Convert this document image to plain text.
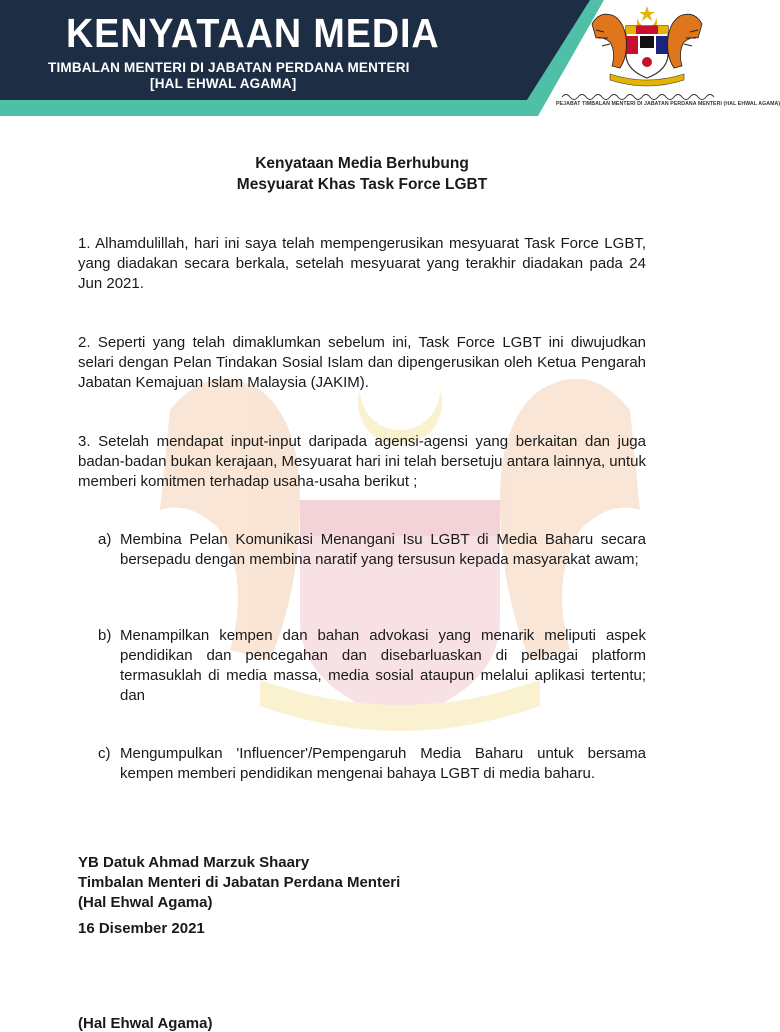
KENYATAAN MEDIA
TIMBALAN MENTERI DI JABATAN PERDANA MENTERI
[HAL EHWAL AGAMA]
PEJABAT TIMBALAN MENTERI DI JABATAN PERDANA MENTERI (HAL EHWAL AGAMA)
Kenyataan Media Berhubung
Mesyuarat Khas Task Force LGBT
1. Alhamdulillah, hari ini saya telah mempengerusikan mesyuarat Task Force LGBT, yang diadakan secara berkala, setelah mesyuarat yang terakhir diadakan pada 24 Jun 2021.
2. Seperti yang telah dimaklumkan sebelum ini, Task Force LGBT ini diwujudkan selari dengan Pelan Tindakan Sosial Islam dan dipengerusikan oleh Ketua Pengarah Jabatan Kemajuan Islam Malaysia (JAKIM).
3. Setelah mendapat input-input daripada agensi-agensi yang berkaitan dan juga badan-badan bukan kerajaan, Mesyuarat hari ini telah bersetuju antara lainnya, untuk memberi komitmen terhadap usaha-usaha berikut ;
a) Membina Pelan Komunikasi Menangani Isu LGBT di Media Baharu secara bersepadu dengan membina naratif yang tersusun kepada masyarakat awam;
b) Menampilkan kempen dan bahan advokasi yang menarik meliputi aspek pendidikan dan pencegahan dan disebarluaskan di pelbagai platform termasuklah di media massa, media sosial ataupun melalui aplikasi tertentu; dan
c) Mengumpulkan 'Influencer'/Pempengaruh Media Baharu untuk bersama kempen memberi pendidikan mengenai bahaya LGBT di media baharu.
YB Datuk Ahmad Marzuk Shaary
Timbalan Menteri di Jabatan Perdana Menteri
(Hal Ehwal Agama)
16 Disember 2021
(Hal Ehwal Agama)
